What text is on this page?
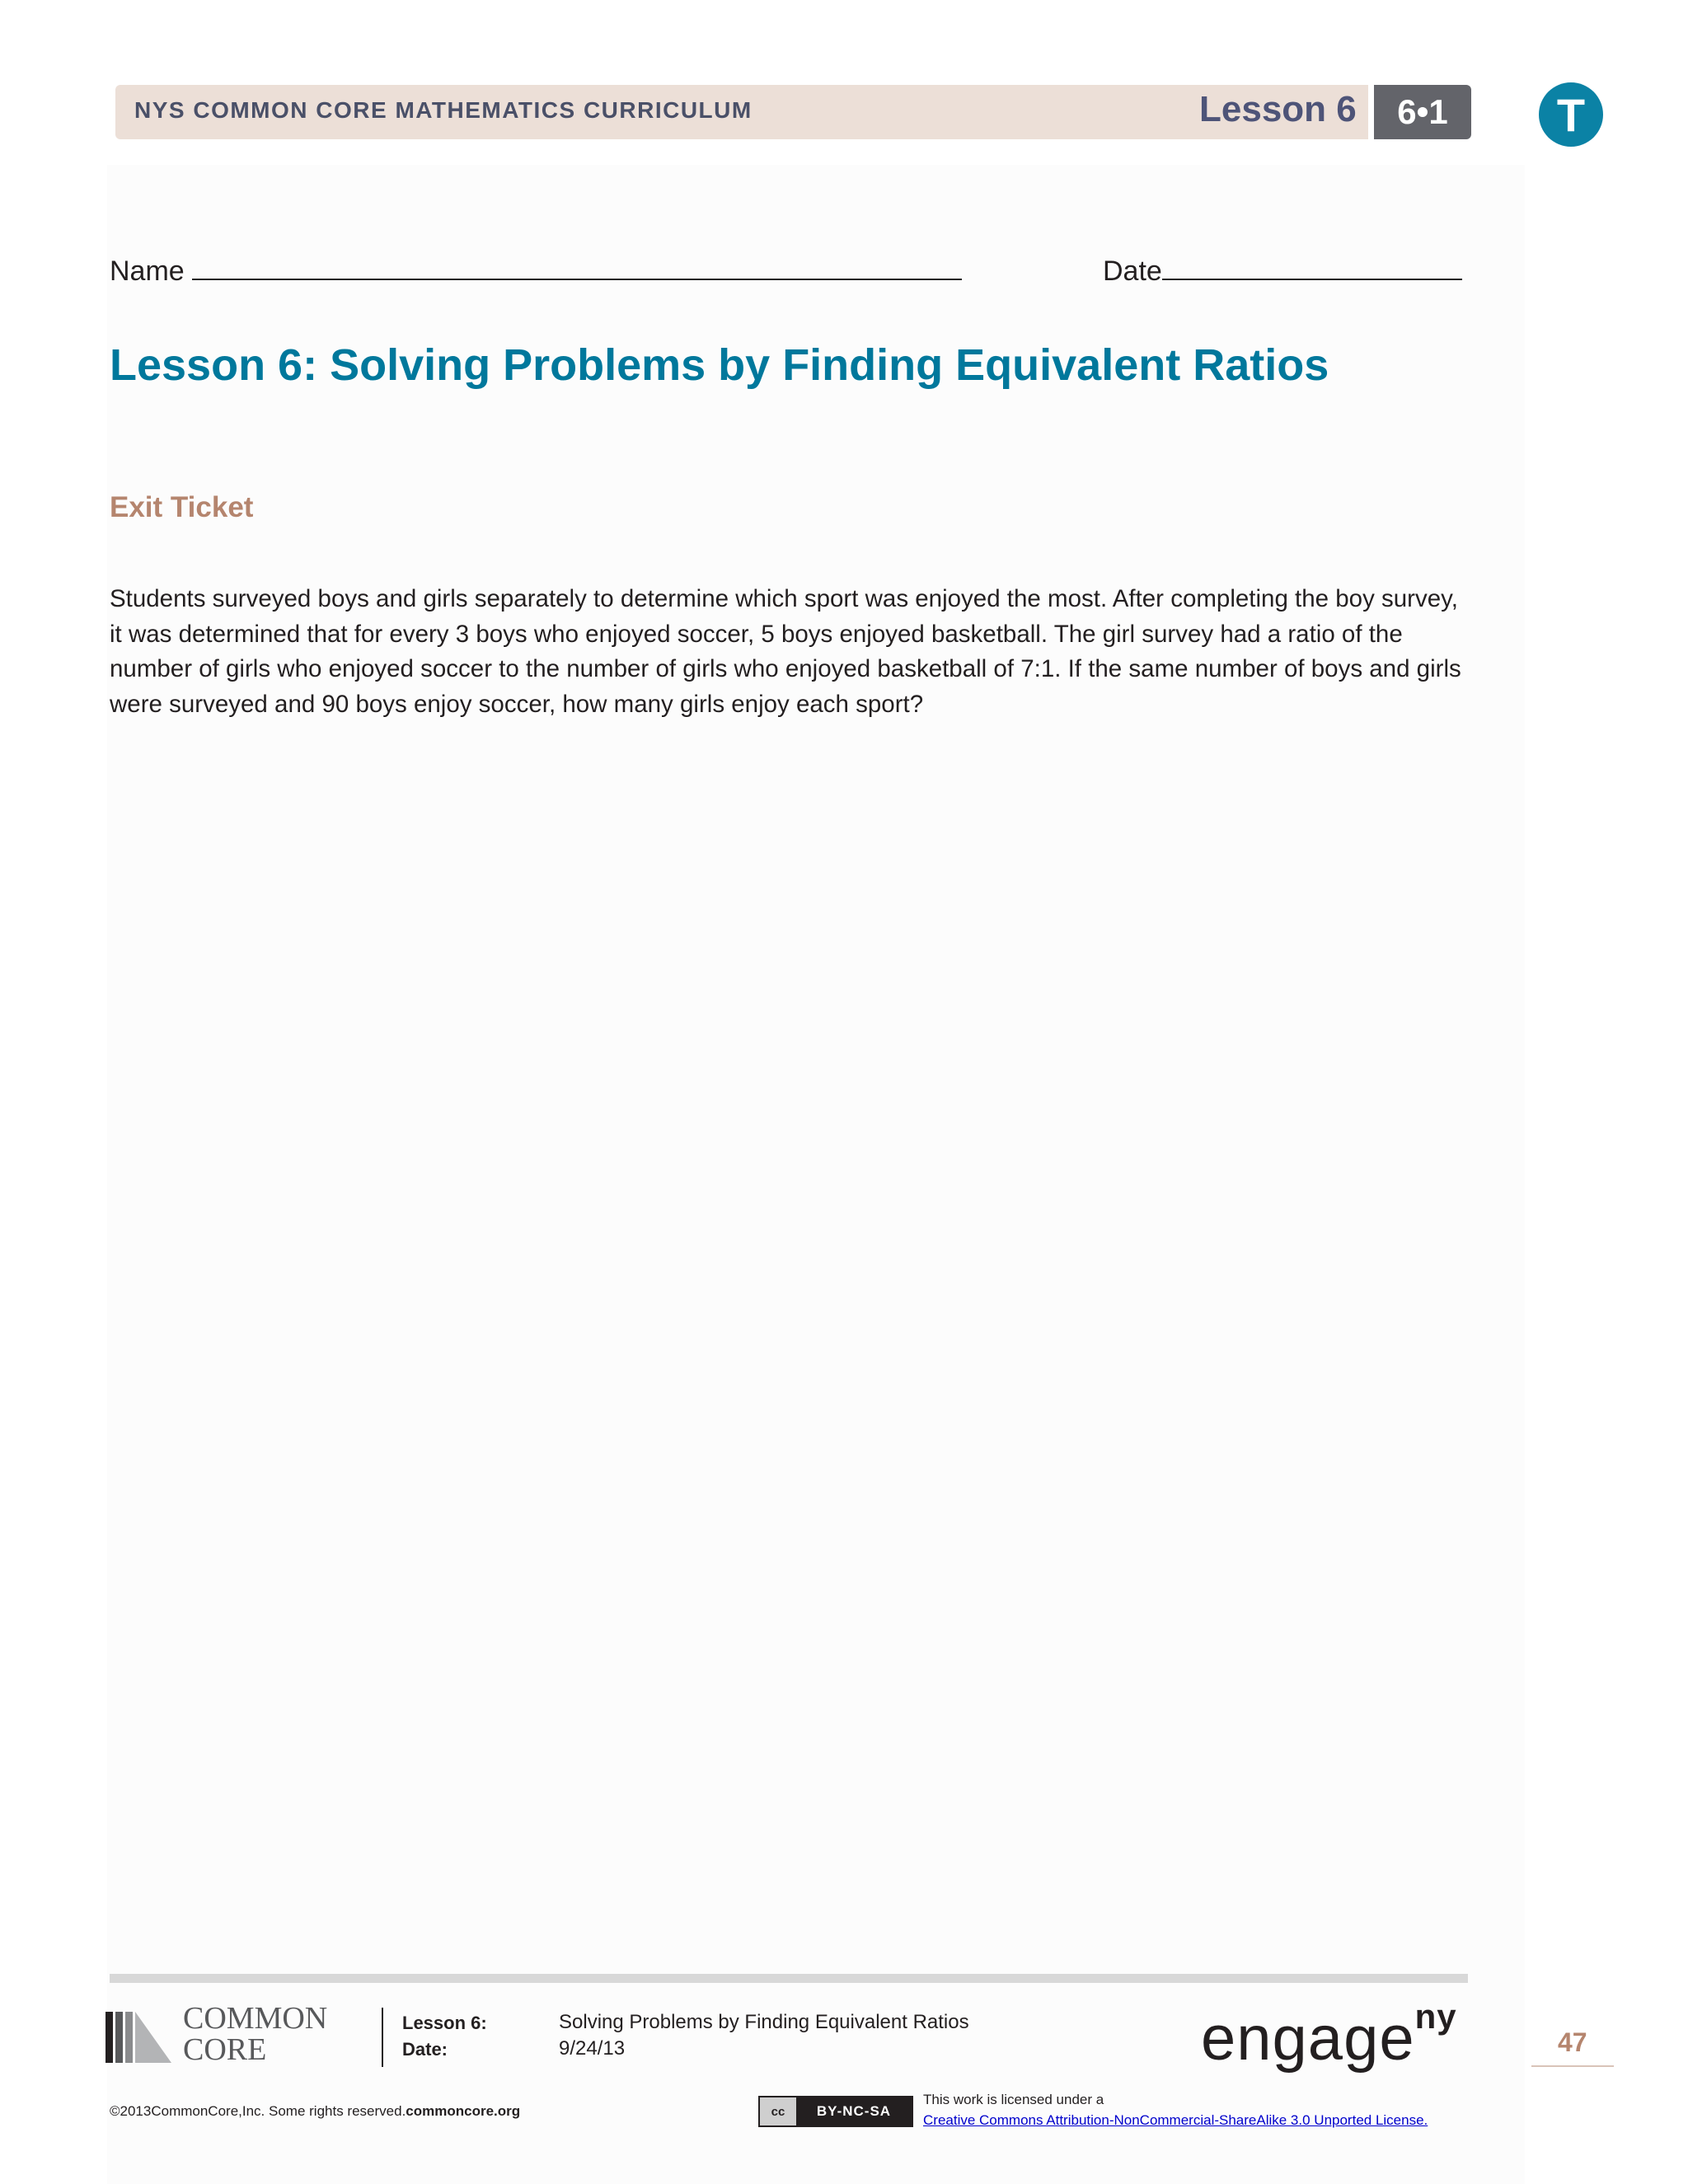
NYS COMMON CORE MATHEMATICS CURRICULUM	Lesson 6	6•1	T
Name	Date
Lesson 6: Solving Problems by Finding Equivalent Ratios
Exit Ticket
Students surveyed boys and girls separately to determine which sport was enjoyed the most. After completing the boy survey, it was determined that for every 3 boys who enjoyed soccer, 5 boys enjoyed basketball. The girl survey had a ratio of the number of girls who enjoyed soccer to the number of girls who enjoyed basketball of 7:1. If the same number of boys and girls were surveyed and 90 boys enjoy soccer, how many girls enjoy each sport?
COMMON
CORE
Lesson 6:	Solving Problems by Finding Equivalent Ratios
Date:	9/24/13	engage$^{ny}$
47
©2013CommonCore,Inc. Some rights reserved.commoncore.org	cc	BY-NC-SA
This work is licensed under a
Creative Commons Attribution-NonCommercial-ShareAlike 3.0 Unported License.
